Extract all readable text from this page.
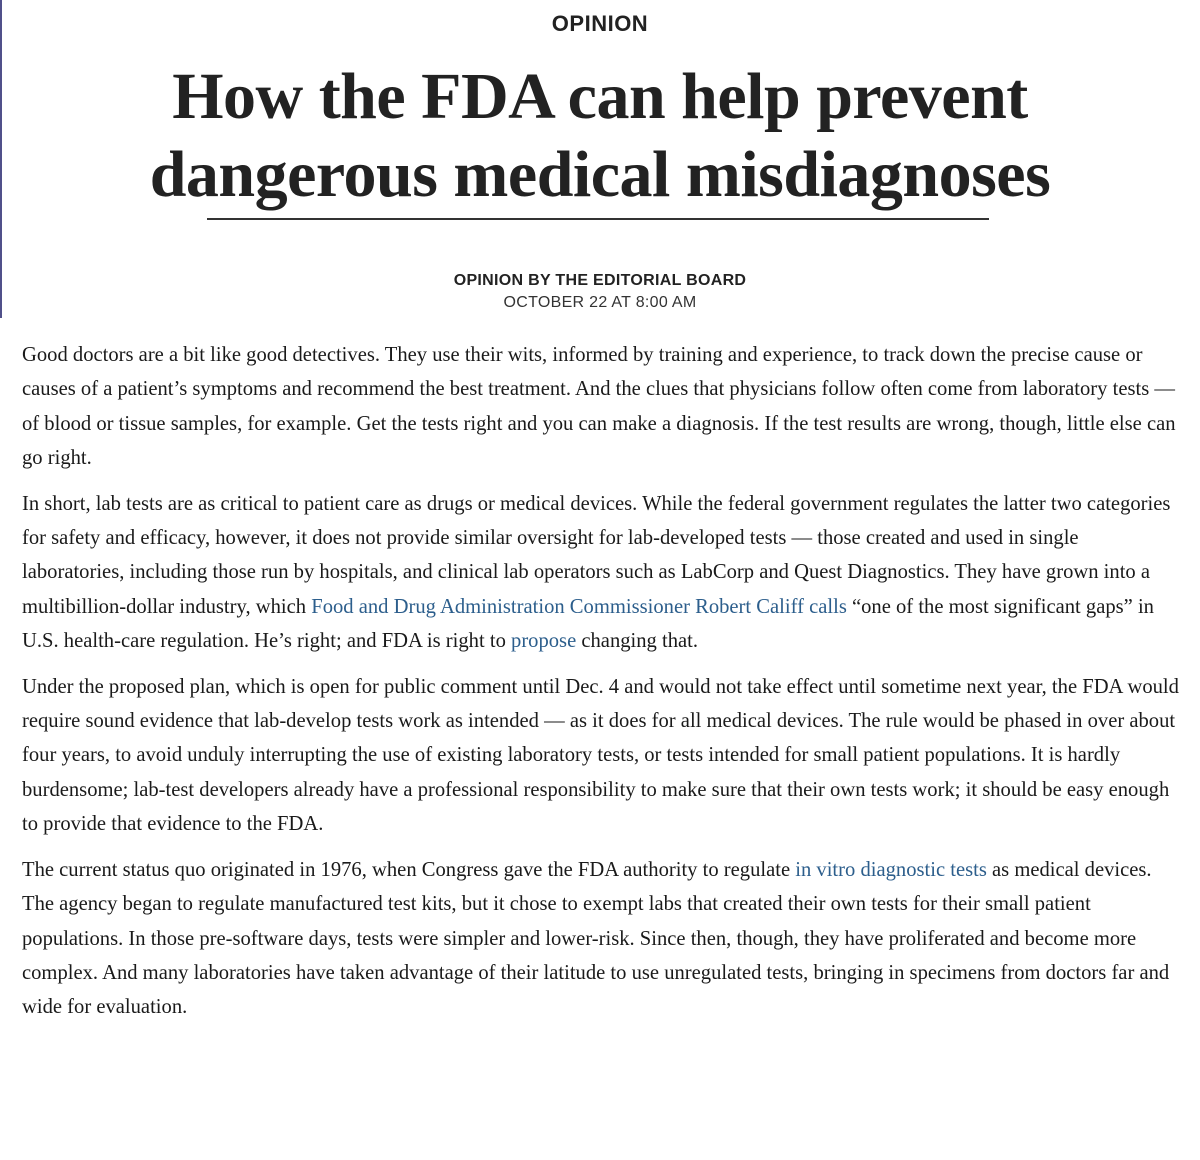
OPINION
How the FDA can help prevent
dangerous medical misdiagnoses
OPINION BY THE EDITORIAL BOARD
OCTOBER 22 AT 8:00 AM

Good doctors are a bit like good detectives. They use their wits, informed by training and experience, to track down the precise cause or causes of a patient’s symptoms and recommend the best treatment. And the clues that physicians follow often come from laboratory tests — of blood or tissue samples, for example. Get the tests right and you can make a diagnosis. If the test results are wrong, though, little else can go right.

In short, lab tests are as critical to patient care as drugs or medical devices. While the federal government regulates the latter two categories for safety and efficacy, however, it does not provide similar oversight for lab-developed tests — those created and used in single laboratories, including those run by hospitals, and clinical lab operators such as LabCorp and Quest Diagnostics. They have grown into a multibillion-dollar industry, which Food and Drug Administration Commissioner Robert Califf calls “one of the most significant gaps” in U.S. health-care regulation. He’s right; and FDA is right to propose changing that.

Under the proposed plan, which is open for public comment until Dec. 4 and would not take effect until sometime next year, the FDA would require sound evidence that lab-develop tests work as intended — as it does for all medical devices. The rule would be phased in over about four years, to avoid unduly interrupting the use of existing laboratory tests, or tests intended for small patient populations. It is hardly burdensome; lab-test developers already have a professional responsibility to make sure that their own tests work; it should be easy enough to provide that evidence to the FDA.

The current status quo originated in 1976, when Congress gave the FDA authority to regulate in vitro diagnostic tests as medical devices. The agency began to regulate manufactured test kits, but it chose to exempt labs that created their own tests for their small patient populations. In those pre-software days, tests were simpler and lower-risk. Since then, though, they have proliferated and become more complex. And many laboratories have taken advantage of their latitude to use unregulated tests, bringing in specimens from doctors far and wide for evaluation.
